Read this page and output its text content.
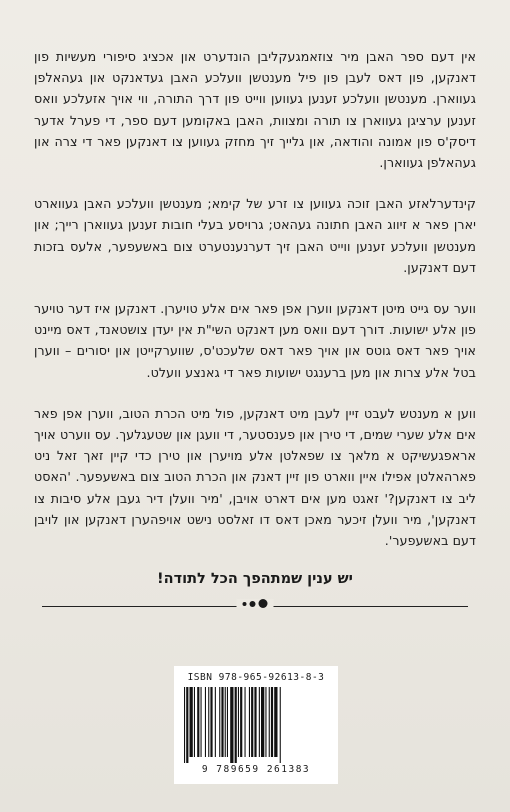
אין דעם ספר האבן מיר צוזאמגעקליבן הונדערט און אכציג סיפורי מעשיות פון דאנקען, פון דאס לעבן פון פיל מענטשן וועלכע האבן געדאנקט און געהאלפן געווארן. מענטשן וועלכע זענען געווען ווייט פון דרך התורה, ווי אויך אזעלכע וואס זענען ערציגן געווארן צו תורה ומצוות, האבן באקומען דעם ספר, די פערל אדער דיסק'ס פון אמונה והודאה, און גלייך זיך מחזק געווען צו דאנקען פאר די צרה און געהאלפן געווארן.

קינדערלאזע האבן זוכה געווען צו זרע של קימא; מענטשן וועלכע האבן געווארט יארן פאר א זיווג האבן חתונה געהאט; גרויסע בעלי חובות זענען געווארן רייך; און מענטשן וועלכע זענען ווייט האבן זיך דערנענטערט צום באשעפער, אלעס בזכות דעם דאנקען.

ווער עס גייט מיטן דאנקען ווערן אפן פאר אים אלע טויערן. דאנקען איז דער טויער פון אלע ישועות. דורך דעם וואס מען דאנקט השי"ת אין יעדן צושטאנד, דאס מיינט אויך פאר דאס גוטס און אויך פאר דאס שלעכט'ס, שווערקייטן און יסורים – ווערן בטל אלע צרות און מען ברענגט ישועות פאר די גאנצע וועלט.

ווען א מענטש לעבט זיין לעבן מיט דאנקען, פול מיט הכרת הטוב, ווערן אפן פאר אים אלע שערי שמים, די טירן און פענסטער, די וועגן און שטעגלעך. עס ווערט אויך אראפגעשיקט א מלאך צו שפאלטן אלע מויערן און טירן כדי קיין זאך זאל ניט פארהאלטן אפילו איין ווארט פון זיין דאנק און הכרת הטוב צום באשעפער. 'האסט ליב צו דאנקען?' זאגט מען אים דארט אויבן, 'מיר וועלן דיר געבן אלע סיבות צו דאנקען', מיר וועלן זיכער מאכן דאס דו זאלסט נישט אויפהערן דאנקען און לויבן דעם באשעפער'.

יש ענין שמתהפך הכל לתודה!
ISBN 978-965-92613-8-3
9 789659 261383
